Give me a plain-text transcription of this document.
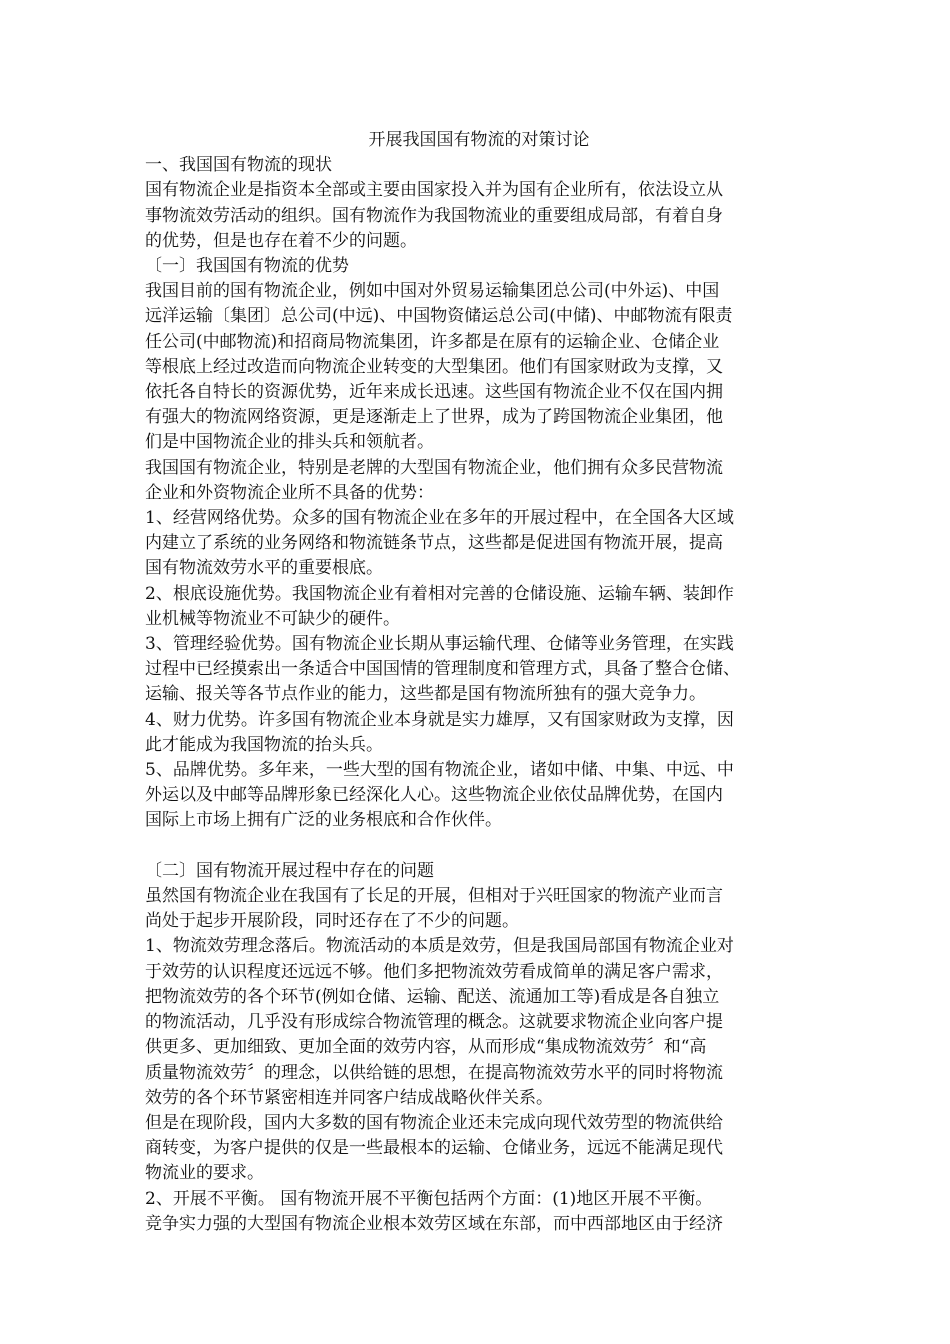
开展我国国有物流的对策讨论

一、我国国有物流的现状

国有物流企业是指资本全部或主要由国家投入并为国有企业所有，依法设立从

事物流效劳活动的组织。国有物流作为我国物流业的重要组成局部，有着自身

的优势，但是也存在着不少的问题。

〔一〕我国国有物流的优势

我国目前的国有物流企业，例如中国对外贸易运输集团总公司(中外运)、中国

远洋运输〔集团〕总公司(中远)、中国物资储运总公司(中储)、中邮物流有限责

任公司(中邮物流)和招商局物流集团，许多都是在原有的运输企业、仓储企业

等根底上经过改造而向物流企业转变的大型集团。他们有国家财政为支撑，又

依托各自特长的资源优势，近年来成长迅速。这些国有物流企业不仅在国内拥

有强大的物流网络资源，更是逐渐走上了世界，成为了跨国物流企业集团，他

们是中国物流企业的排头兵和领航者。

我国国有物流企业，特别是老牌的大型国有物流企业，他们拥有众多民营物流

企业和外资物流企业所不具备的优势：

1、经营网络优势。众多的国有物流企业在多年的开展过程中，在全国各大区域

内建立了系统的业务网络和物流链条节点，这些都是促进国有物流开展，提高

国有物流效劳水平的重要根底。

2、根底设施优势。我国物流企业有着相对完善的仓储设施、运输车辆、装卸作

业机械等物流业不可缺少的硬件。

3、管理经验优势。国有物流企业长期从事运输代理、仓储等业务管理，在实践

过程中已经摸索出一条适合中国国情的管理制度和管理方式，具备了整合仓储、

运输、报关等各节点作业的能力，这些都是国有物流所独有的强大竞争力。

4、财力优势。许多国有物流企业本身就是实力雄厚，又有国家财政为支撑，因

此才能成为我国物流的抬头兵。

5、品牌优势。多年来，一些大型的国有物流企业，诸如中储、中集、中远、中

外运以及中邮等品牌形象已经深化人心。这些物流企业依仗品牌优势，在国内

国际上市场上拥有广泛的业务根底和合作伙伴。

〔二〕国有物流开展过程中存在的问题

虽然国有物流企业在我国有了长足的开展，但相对于兴旺国家的物流产业而言

尚处于起步开展阶段，同时还存在了不少的问题。

1、物流效劳理念落后。物流活动的本质是效劳，但是我国局部国有物流企业对

于效劳的认识程度还远远不够。他们多把物流效劳看成简单的满足客户需求，

把物流效劳的各个环节(例如仓储、运输、配送、流通加工等)看成是各自独立

的物流活动，几乎没有形成综合物流管理的概念。这就要求物流企业向客户提

供更多、更加细致、更加全面的效劳内容，从而形成“集成物流效劳〞和“高

质量物流效劳〞的理念，以供给链的思想，在提高物流效劳水平的同时将物流

效劳的各个环节紧密相连并同客户结成战略伙伴关系。

但是在现阶段，国内大多数的国有物流企业还未完成向现代效劳型的物流供给

商转变，为客户提供的仅是一些最根本的运输、仓储业务，远远不能满足现代

物流业的要求。

2、开展不平衡。 国有物流开展不平衡包括两个方面：(1)地区开展不平衡。

竞争实力强的大型国有物流企业根本效劳区域在东部，而中西部地区由于经济
